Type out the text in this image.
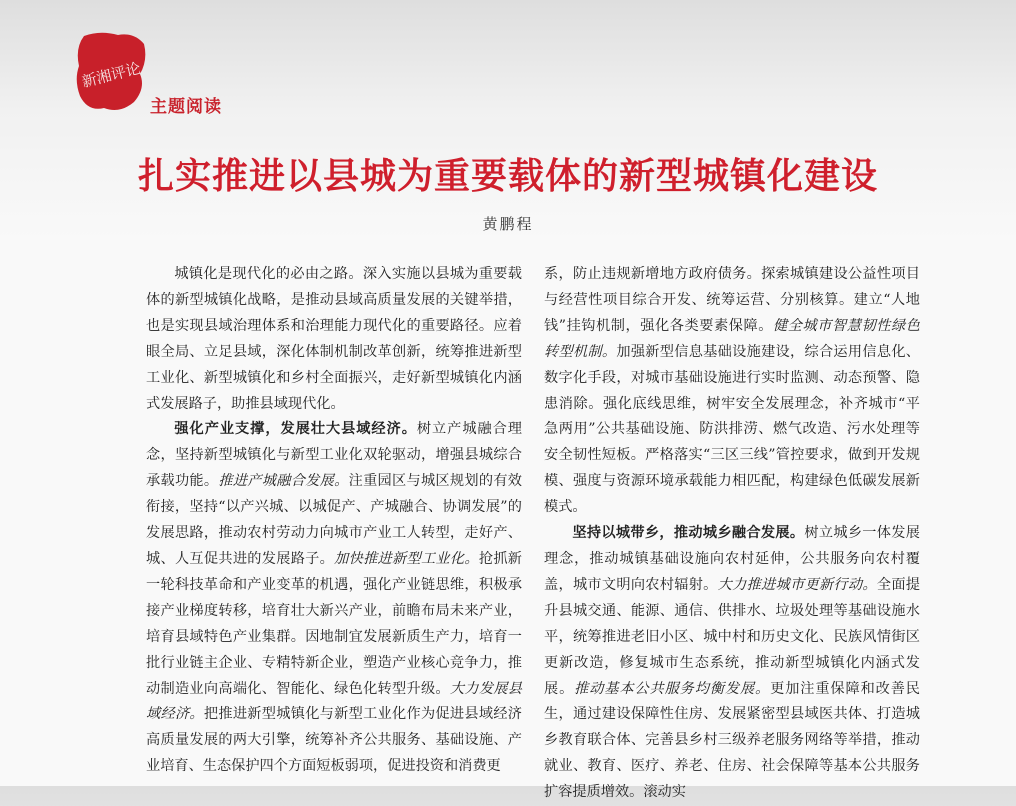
新湘评论
主题阅读
扎实推进以县城为重要载体的新型城镇化建设
黄鹏程

城镇化是现代化的必由之路。深入实施以县城为重要载体的新型城镇化战略，是推动县域高质量发展的关键举措，也是实现县域治理体系和治理能力现代化的重要路径。应着眼全局、立足县域，深化体制机制改革创新，统筹推进新型工业化、新型城镇化和乡村全面振兴，走好新型城镇化内涵式发展路子，助推县域现代化。

强化产业支撑，发展壮大县域经济。树立产城融合理念，坚持新型城镇化与新型工业化双轮驱动，增强县城综合承载功能。推进产城融合发展。注重园区与城区规划的有效衔接，坚持“以产兴城、以城促产、产城融合、协调发展”的发展思路，推动农村劳动力向城市产业工人转型，走好产、城、人互促共进的发展路子。加快推进新型工业化。抢抓新一轮科技革命和产业变革的机遇，强化产业链思维，积极承接产业梯度转移，培育壮大新兴产业，前瞻布局未来产业，培育县域特色产业集群。因地制宜发展新质生产力，培育一批行业链主企业、专精特新企业，塑造产业核心竞争力，推动制造业向高端化、智能化、绿色化转型升级。大力发展县域经济。把推进新型城镇化与新型工业化作为促进县域经济高质量发展的两大引擎，统筹补齐公共服务、基础设施、产业培育、生态保护四个方面短板弱项，促进投资和消费更

系，防止违规新增地方政府债务。探索城镇建设公益性项目与经营性项目综合开发、统筹运营、分别核算。建立“人地钱”挂钩机制，强化各类要素保障。健全城市智慧韧性绿色转型机制。加强新型信息基础设施建设，综合运用信息化、数字化手段，对城市基础设施进行实时监测、动态预警、隐患消除。强化底线思维，树牢安全发展理念，补齐城市“平急两用”公共基础设施、防洪排涝、燃气改造、污水处理等安全韧性短板。严格落实“三区三线”管控要求，做到开发规模、强度与资源环境承载能力相匹配，构建绿色低碳发展新模式。

坚持以城带乡，推动城乡融合发展。树立城乡一体发展理念，推动城镇基础设施向农村延伸，公共服务向农村覆盖，城市文明向农村辐射。大力推进城市更新行动。全面提升县城交通、能源、通信、供排水、垃圾处理等基础设施水平，统筹推进老旧小区、城中村和历史文化、民族风情街区更新改造，修复城市生态系统，推动新型城镇化内涵式发展。推动基本公共服务均衡发展。更加注重保障和改善民生，通过建设保障性住房、发展紧密型县域医共体、打造城乡教育联合体、完善县乡村三级养老服务网络等举措，推动就业、教育、医疗、养老、住房、社会保障等基本公共服务扩容提质增效。滚动实
